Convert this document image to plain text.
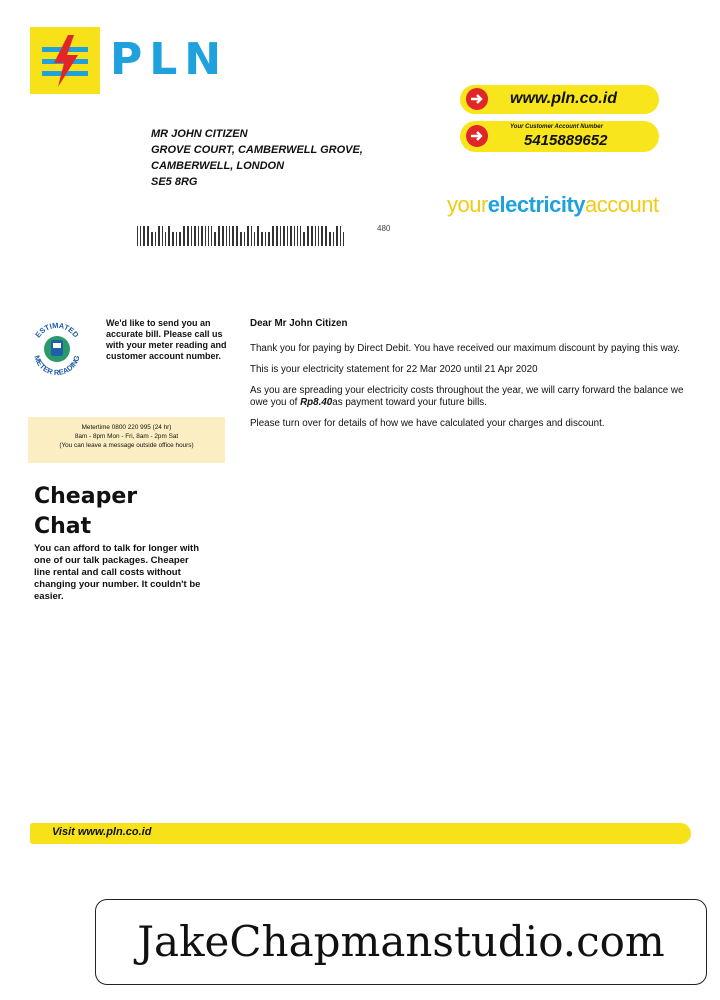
PLN
www.pln.co.id
Your Customer Account Number
5415889652
yourelectricityaccount
MR JOHN CITIZEN
GROVE COURT, CAMBERWELL GROVE,
CAMBERWELL, LONDON
SE5 8RG
480
ESTIMATED
METER READING
We'd like to send you an accurate bill. Please call us with your meter reading and customer account number.
Metertime 0800 220 995 (24 hr)
8am - 8pm Mon - Fri, 8am - 2pm Sat
(You can leave a message outside office hours)
Cheaper
Chat
You can afford to talk for longer with one of our talk packages. Cheaper line rental and call costs without changing your number. It couldn't be easier.

Dear Mr John Citizen

Thank you for paying by Direct Debit. You have received our maximum discount by paying this way.

This is your electricity statement for 22 Mar 2020 until 21 Apr 2020

As you are spreading your electricity costs throughout the year, we will carry forward the balance we owe you of Rp8.40as payment toward your future bills.

Please turn over for details of how we have calculated your charges and discount.

Visit www.pln.co.id
JakeChapmanstudio.com
